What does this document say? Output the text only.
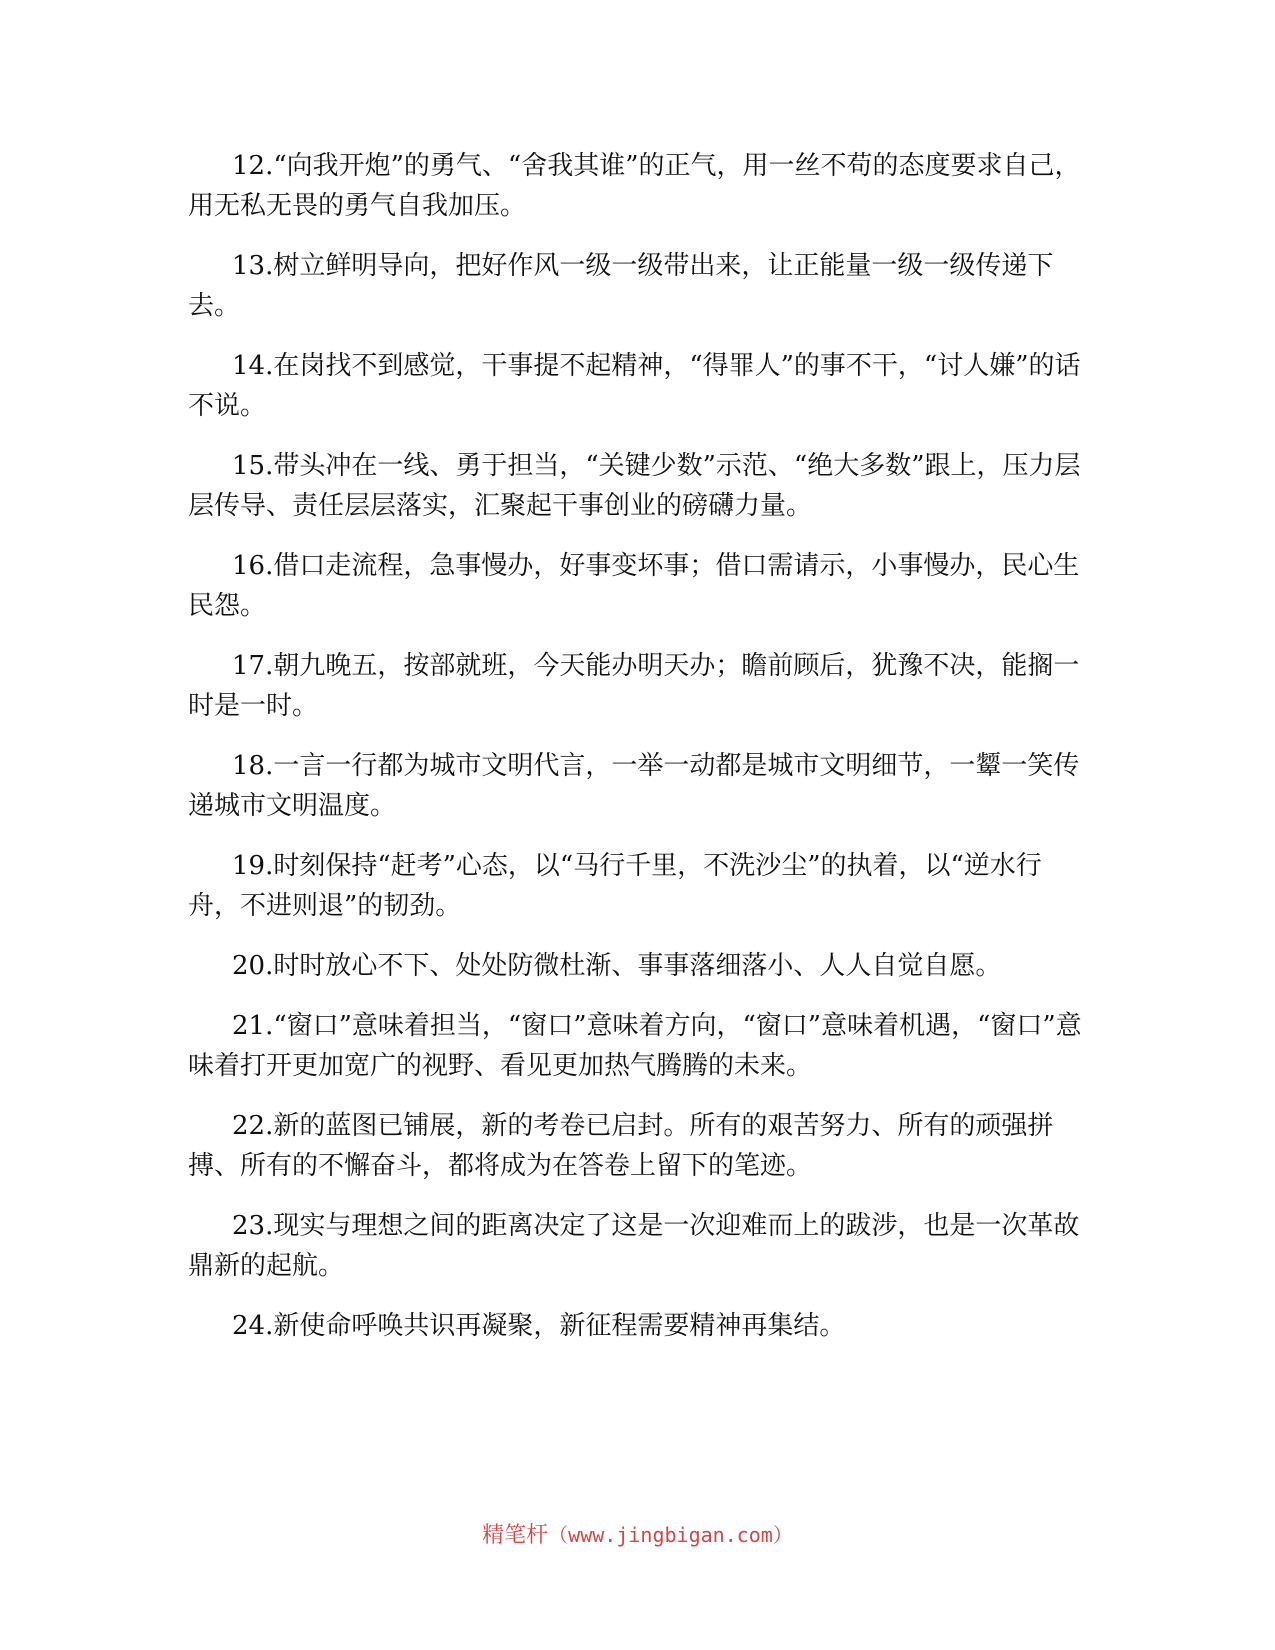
12.“向我开炮”的勇气、“舍我其谁”的正气，用一丝不苟的态度要求自己，用无私无畏的勇气自我加压。

13.树立鲜明导向，把好作风一级一级带出来，让正能量一级一级传递下去。

14.在岗找不到感觉，干事提不起精神，“得罪人”的事不干，“讨人嫌”的话不说。

15.带头冲在一线、勇于担当，“关键少数”示范、“绝大多数”跟上，压力层层传导、责任层层落实，汇聚起干事创业的磅礴力量。

16.借口走流程，急事慢办，好事变坏事；借口需请示，小事慢办，民心生民怨。

17.朝九晚五，按部就班，今天能办明天办；瞻前顾后，犹豫不决，能搁一时是一时。

18.一言一行都为城市文明代言，一举一动都是城市文明细节，一颦一笑传递城市文明温度。

19.时刻保持“赶考”心态，以“马行千里，不洗沙尘”的执着，以“逆水行舟，不进则退”的韧劲。

20.时时放心不下、处处防微杜渐、事事落细落小、人人自觉自愿。

21.“窗口”意味着担当，“窗口”意味着方向，“窗口”意味着机遇，“窗口”意味着打开更加宽广的视野、看见更加热气腾腾的未来。

22.新的蓝图已铺展，新的考卷已启封。所有的艰苦努力、所有的顽强拼搏、所有的不懈奋斗，都将成为在答卷上留下的笔迹。

23.现实与理想之间的距离决定了这是一次迎难而上的跋涉，也是一次革故鼎新的起航。

24.新使命呼唤共识再凝聚，新征程需要精神再集结。

精笔杆（www.jingbigan.com）
